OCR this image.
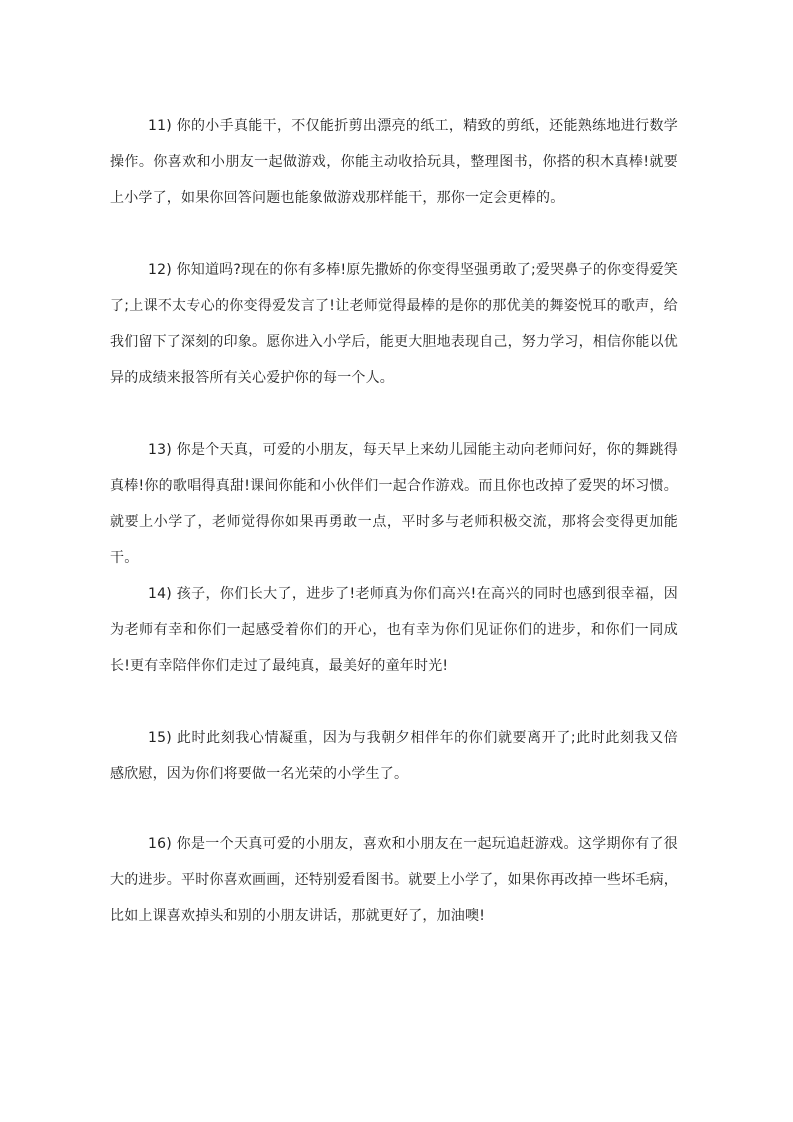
11) 你的小手真能干，不仅能折剪出漂亮的纸工，精致的剪纸，还能熟练地进行数学操作。你喜欢和小朋友一起做游戏，你能主动收拾玩具，整理图书，你搭的积木真棒!就要上小学了，如果你回答问题也能象做游戏那样能干，那你一定会更棒的。

12) 你知道吗?现在的你有多棒!原先撒娇的你变得坚强勇敢了;爱哭鼻子的你变得爱笑了;上课不太专心的你变得爱发言了!让老师觉得最棒的是你的那优美的舞姿悦耳的歌声，给我们留下了深刻的印象。愿你进入小学后，能更大胆地表现自己，努力学习，相信你能以优异的成绩来报答所有关心爱护你的每一个人。

13) 你是个天真，可爱的小朋友，每天早上来幼儿园能主动向老师问好，你的舞跳得真棒!你的歌唱得真甜!课间你能和小伙伴们一起合作游戏。而且你也改掉了爱哭的坏习惯。就要上小学了，老师觉得你如果再勇敢一点，平时多与老师积极交流，那将会变得更加能干。

14) 孩子，你们长大了，进步了!老师真为你们高兴!在高兴的同时也感到很幸福，因为老师有幸和你们一起感受着你们的开心，也有幸为你们见证你们的进步，和你们一同成长!更有幸陪伴你们走过了最纯真，最美好的童年时光!

15) 此时此刻我心情凝重，因为与我朝夕相伴年的你们就要离开了;此时此刻我又倍感欣慰，因为你们将要做一名光荣的小学生了。

16) 你是一个天真可爱的小朋友，喜欢和小朋友在一起玩追赶游戏。这学期你有了很大的进步。平时你喜欢画画，还特别爱看图书。就要上小学了，如果你再改掉一些坏毛病，比如上课喜欢掉头和别的小朋友讲话，那就更好了，加油噢!
